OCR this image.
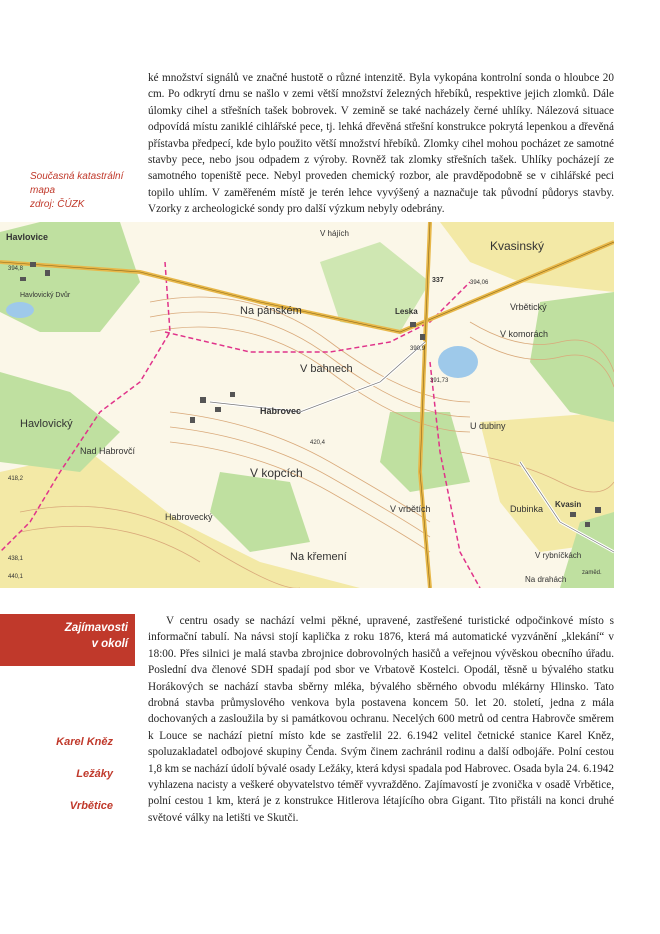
ké množství signálů ve značné hustotě o různé intenzitě. Byla vykopána kontrolní sonda o hloubce 20 cm. Po odkrytí drnu se našlo v zemi větší množství železných hřebíků, respektive jejich zlomků. Dále úlomky cihel a střešních tašek bobrovek. V zemině se také nacházely černé uhlíky. Nálezová situace odpovídá místu zaniklé cihlářské pece, tj. lehká dřevěná střešní konstrukce pokrytá lepenkou a dřevěná přístavba předpecí, kde bylo použito větší množství hřebíků. Zlomky cihel mohou pocházet ze samotné stavby pece, nebo jsou odpadem z výroby. Rovněž tak zlomky střešních tašek. Uhlíky pocházejí ze samotného topeniště pece. Nebyl proveden chemický rozbor, ale pravděpodobně se v cihlářské peci topilo uhlím. V zaměřeném místě je terén lehce vyvýšený a naznačuje tak původní půdorys stavby. Vzorky z archeologické sondy pro další výzkum nebyly odebrány.

Současná katastrální
mapa
zdroj: ČÚZK
Havlovice
Havlovický Dvůr
Na pánském
V bahnech
Habrovec
Havlovický
Nad Habrovčí
V kopcích
Habrovecký
Na křemení
V vrbětích	Dubinka Kvasin
Kvasinský
Leska	Vrbětický
V komorách
U dubiny
V rybníčkách
Na drahách
V hájích
zaměd.
337
394,8
391,73
394,06
390,9
420,4
418,2
440,1
438,1
Zajímavosti
v okolí
Karel Kněz
Ležáky
Vrbětice

V centru osady se nachází velmi pěkné, upravené, zastřešené turistické odpočinkové místo s informační tabulí. Na návsi stojí kaplička z roku 1876, která má automatické vyzvánění „klekání“ v 18:00. Přes silnici je malá stavba zbrojnice dobrovolných hasičů a veřejnou vývěskou obecního úřadu. Poslední dva členové SDH spadají pod sbor ve Vrbatově Kostelci. Opodál, těsně u bývalého statku Horákových se nachází stavba sběrny mléka, bývalého sběrného obvodu mlékárny Hlinsko. Tato drobná stavba průmyslového venkova byla postavena koncem 50. let 20. století, jedna z mála dochovaných a zasloužila by si památkovou ochranu. Necelých 600 metrů od centra Habrovče směrem k Louce se nachází pietní místo kde se zastřelil 22. 6.1942 velitel četnické stanice Karel Kněz, spoluzakladatel odbojové skupiny Čenda. Svým činem zachránil rodinu a další odbojáře. Polní cestou 1,8 km se nachází údolí bývalé osady Ležáky, která kdysi spadala pod Habrovec. Osada byla 24. 6.1942 vyhlazena nacisty a veškeré obyvatelstvo téměř vyvražděno. Zajímavostí je zvonička v osadě Vrbětice, polní cestou 1 km, která je z konstrukce Hitlerova létajícího obra Gigant. Tito přistáli na konci druhé světové války na letišti ve Skutči.
